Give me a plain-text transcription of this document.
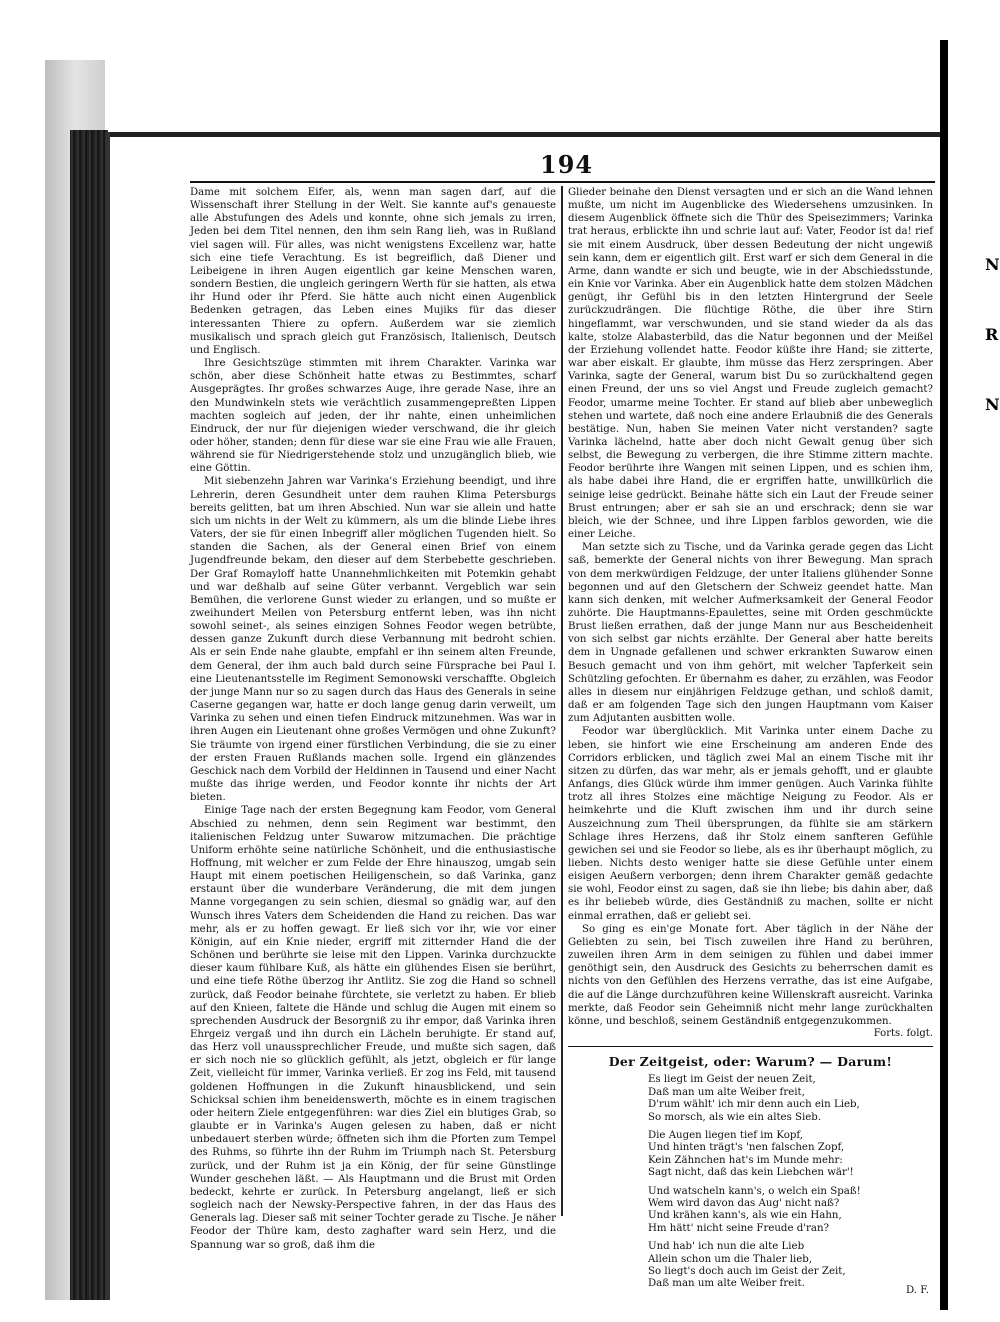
N
R
N
194

Dame mit solchem Eifer, als, wenn man sagen darf, auf die Wissenschaft ihrer Stellung in der Welt. Sie kannte auf's genaueste alle Abstufungen des Adels und konnte, ohne sich jemals zu irren, Jeden bei dem Titel nennen, den ihm sein Rang lieh, was in Rußland viel sagen will. Für alles, was nicht wenigstens Excellenz war, hatte sich eine tiefe Verachtung. Es ist begreiflich, daß Diener und Leibeigene in ihren Augen eigentlich gar keine Menschen waren, sondern Bestien, die ungleich geringern Werth für sie hatten, als etwa ihr Hund oder ihr Pferd. Sie hätte auch nicht einen Augenblick Bedenken getragen, das Leben eines Mujiks für das dieser interessanten Thiere zu opfern. Außerdem war sie ziemlich musikalisch und sprach gleich gut Französisch, Italienisch, Deutsch und Englisch.

Ihre Gesichtszüge stimmten mit ihrem Charakter. Varinka war schön, aber diese Schönheit hatte etwas zu Bestimmtes, scharf Ausgeprägtes. Ihr großes schwarzes Auge, ihre gerade Nase, ihre an den Mundwinkeln stets wie verächtlich zusammengepreßten Lippen machten sogleich auf jeden, der ihr nahte, einen unheimlichen Eindruck, der nur für diejenigen wieder verschwand, die ihr gleich oder höher, standen; denn für diese war sie eine Frau wie alle Frauen, während sie für Niedrigerstehende stolz und unzugänglich blieb, wie eine Göttin.

Mit siebenzehn Jahren war Varinka's Erziehung beendigt, und ihre Lehrerin, deren Gesundheit unter dem rauhen Klima Petersburgs bereits gelitten, bat um ihren Abschied. Nun war sie allein und hatte sich um nichts in der Welt zu kümmern, als um die blinde Liebe ihres Vaters, der sie für einen Inbegriff aller möglichen Tugenden hielt. So standen die Sachen, als der General einen Brief von einem Jugendfreunde bekam, den dieser auf dem Sterbebette geschrieben. Der Graf Romayloff hatte Unannehmlichkeiten mit Potemkin gehabt und war deßhalb auf seine Güter verbannt. Vergeblich war sein Bemühen, die verlorene Gunst wieder zu erlangen, und so mußte er zweihundert Meilen von Petersburg entfernt leben, was ihn nicht sowohl seinet-, als seines einzigen Sohnes Feodor wegen betrübte, dessen ganze Zukunft durch diese Verbannung mit bedroht schien. Als er sein Ende nahe glaubte, empfahl er ihn seinem alten Freunde, dem General, der ihm auch bald durch seine Fürsprache bei Paul I. eine Lieutenantsstelle im Regiment Semonowski verschaffte. Obgleich der junge Mann nur so zu sagen durch das Haus des Generals in seine Caserne gegangen war, hatte er doch lange genug darin verweilt, um Varinka zu sehen und einen tiefen Eindruck mitzunehmen. Was war in ihren Augen ein Lieutenant ohne großes Vermögen und ohne Zukunft? Sie träumte von irgend einer fürstlichen Verbindung, die sie zu einer der ersten Frauen Rußlands machen solle. Irgend ein glänzendes Geschick nach dem Vorbild der Heldinnen in Tausend und einer Nacht mußte das ihrige werden, und Feodor konnte ihr nichts der Art bieten.

Einige Tage nach der ersten Begegnung kam Feodor, vom General Abschied zu nehmen, denn sein Regiment war bestimmt, den italienischen Feldzug unter Suwarow mitzumachen. Die prächtige Uniform erhöhte seine natürliche Schönheit, und die enthusiastische Hoffnung, mit welcher er zum Felde der Ehre hinauszog, umgab sein Haupt mit einem poetischen Heiligenschein, so daß Varinka, ganz erstaunt über die wunderbare Veränderung, die mit dem jungen Manne vorgegangen zu sein schien, diesmal so gnädig war, auf den Wunsch ihres Vaters dem Scheidenden die Hand zu reichen. Das war mehr, als er zu hoffen gewagt. Er ließ sich vor ihr, wie vor einer Königin, auf ein Knie nieder, ergriff mit zitternder Hand die der Schönen und berührte sie leise mit den Lippen. Varinka durchzuckte dieser kaum fühlbare Kuß, als hätte ein glühendes Eisen sie berührt, und eine tiefe Röthe überzog ihr Antlitz. Sie zog die Hand so schnell zurück, daß Feodor beinahe fürchtete, sie verletzt zu haben. Er blieb auf den Knieen, faltete die Hände und schlug die Augen mit einem so sprechenden Ausdruck der Besorgniß zu ihr empor, daß Varinka ihren Ehrgeiz vergaß und ihn durch ein Lächeln beruhigte. Er stand auf, das Herz voll unaussprechlicher Freude, und mußte sich sagen, daß er sich noch nie so glücklich gefühlt, als jetzt, obgleich er für lange Zeit, vielleicht für immer, Varinka verließ. Er zog ins Feld, mit tausend goldenen Hoffnungen in die Zukunft hinausblickend, und sein Schicksal schien ihm beneidenswerth, möchte es in einem tragischen oder heitern Ziele entgegenführen: war dies Ziel ein blutiges Grab, so glaubte er in Varinka's Augen gelesen zu haben, daß er nicht unbedauert sterben würde; öffneten sich ihm die Pforten zum Tempel des Ruhms, so führte ihn der Ruhm im Triumph nach St. Petersburg zurück, und der Ruhm ist ja ein König, der für seine Günstlinge Wunder geschehen läßt. — Als Hauptmann und die Brust mit Orden bedeckt, kehrte er zurück. In Petersburg angelangt, ließ er sich sogleich nach der Newsky-Perspective fahren, in der das Haus des Generals lag. Dieser saß mit seiner Tochter gerade zu Tische. Je näher Feodor der Thüre kam, desto zaghafter ward sein Herz, und die Spannung war so groß, daß ihm die

Glieder beinahe den Dienst versagten und er sich an die Wand lehnen mußte, um nicht im Augenblicke des Wiedersehens umzusinken. In diesem Augenblick öffnete sich die Thür des Speisezimmers; Varinka trat heraus, erblickte ihn und schrie laut auf: Vater, Feodor ist da! rief sie mit einem Ausdruck, über dessen Bedeutung der nicht ungewiß sein kann, dem er eigentlich gilt. Erst warf er sich dem General in die Arme, dann wandte er sich und beugte, wie in der Abschiedsstunde, ein Knie vor Varinka. Aber ein Augenblick hatte dem stolzen Mädchen genügt, ihr Gefühl bis in den letzten Hintergrund der Seele zurückzudrängen. Die flüchtige Röthe, die über ihre Stirn hingeflammt, war verschwunden, und sie stand wieder da als das kalte, stolze Alabasterbild, das die Natur begonnen und der Meißel der Erziehung vollendet hatte. Feodor küßte ihre Hand; sie zitterte, war aber eiskalt. Er glaubte, ihm müsse das Herz zerspringen. Aber Varinka, sagte der General, warum bist Du so zurückhaltend gegen einen Freund, der uns so viel Angst und Freude zugleich gemacht? Feodor, umarme meine Tochter. Er stand auf blieb aber unbeweglich stehen und wartete, daß noch eine andere Erlaubniß die des Generals bestätige. Nun, haben Sie meinen Vater nicht verstanden? sagte Varinka lächelnd, hatte aber doch nicht Gewalt genug über sich selbst, die Bewegung zu verbergen, die ihre Stimme zittern machte. Feodor berührte ihre Wangen mit seinen Lippen, und es schien ihm, als habe dabei ihre Hand, die er ergriffen hatte, unwillkürlich die seinige leise gedrückt. Beinahe hätte sich ein Laut der Freude seiner Brust entrungen; aber er sah sie an und erschrack; denn sie war bleich, wie der Schnee, und ihre Lippen farblos geworden, wie die einer Leiche.

Man setzte sich zu Tische, und da Varinka gerade gegen das Licht saß, bemerkte der General nichts von ihrer Bewegung. Man sprach von dem merkwürdigen Feldzuge, der unter Italiens glühender Sonne begonnen und auf den Gletschern der Schweiz geendet hatte. Man kann sich denken, mit welcher Aufmerksamkeit der General Feodor zuhörte. Die Hauptmanns-Epaulettes, seine mit Orden geschmückte Brust ließen errathen, daß der junge Mann nur aus Bescheidenheit von sich selbst gar nichts erzählte. Der General aber hatte bereits dem in Ungnade gefallenen und schwer erkrankten Suwarow einen Besuch gemacht und von ihm gehört, mit welcher Tapferkeit sein Schützling gefochten. Er übernahm es daher, zu erzählen, was Feodor alles in diesem nur einjährigen Feldzuge gethan, und schloß damit, daß er am folgenden Tage sich den jungen Hauptmann vom Kaiser zum Adjutanten ausbitten wolle.

Feodor war überglücklich. Mit Varinka unter einem Dache zu leben, sie hinfort wie eine Erscheinung am anderen Ende des Corridors erblicken, und täglich zwei Mal an einem Tische mit ihr sitzen zu dürfen, das war mehr, als er jemals gehofft, und er glaubte Anfangs, dies Glück würde ihm immer genügen. Auch Varinka fühlte trotz all ihres Stolzes eine mächtige Neigung zu Feodor. Als er heimkehrte und die Kluft zwischen ihm und ihr durch seine Auszeichnung zum Theil übersprungen, da fühlte sie am stärkern Schlage ihres Herzens, daß ihr Stolz einem sanfteren Gefühle gewichen sei und sie Feodor so liebe, als es ihr überhaupt möglich, zu lieben. Nichts desto weniger hatte sie diese Gefühle unter einem eisigen Aeußern verborgen; denn ihrem Charakter gemäß gedachte sie wohl, Feodor einst zu sagen, daß sie ihn liebe; bis dahin aber, daß es ihr beliebeb würde, dies Geständniß zu machen, sollte er nicht einmal errathen, daß er geliebt sei.

So ging es ein'ge Monate fort. Aber täglich in der Nähe der Geliebten zu sein, bei Tisch zuweilen ihre Hand zu berühren, zuweilen ihren Arm in dem seinigen zu fühlen und dabei immer genöthigt sein, den Ausdruck des Gesichts zu beherrschen damit es nichts von den Gefühlen des Herzens verrathe, das ist eine Aufgabe, die auf die Länge durchzuführen keine Willenskraft ausreicht. Varinka merkte, daß Feodor sein Geheimniß nicht mehr lange zurückhalten könne, und beschloß, seinem Geständniß entgegenzukommen.

Forts. folgt.
Der Zeitgeist, oder: Warum? — Darum!
Es liegt im Geist der neuen Zeit,
Daß man um alte Weiber freit,
D'rum wählt' ich mir denn auch ein Lieb,
So morsch, als wie ein altes Sieb.
Die Augen liegen tief im Kopf,
Und hinten trägt's 'nen falschen Zopf,
Kein Zähnchen hat's im Munde mehr:
Sagt nicht, daß das kein Liebchen wär'!
Und watscheln kann's, o welch ein Spaß!
Wem wird davon das Aug' nicht naß?
Und krähen kann's, als wie ein Hahn,
Hm hätt' nicht seine Freude d'ran?
Und hab' ich nun die alte Lieb
Allein schon um die Thaler lieb,
So liegt's doch auch im Geist der Zeit,
Daß man um alte Weiber freit.
D. F.
